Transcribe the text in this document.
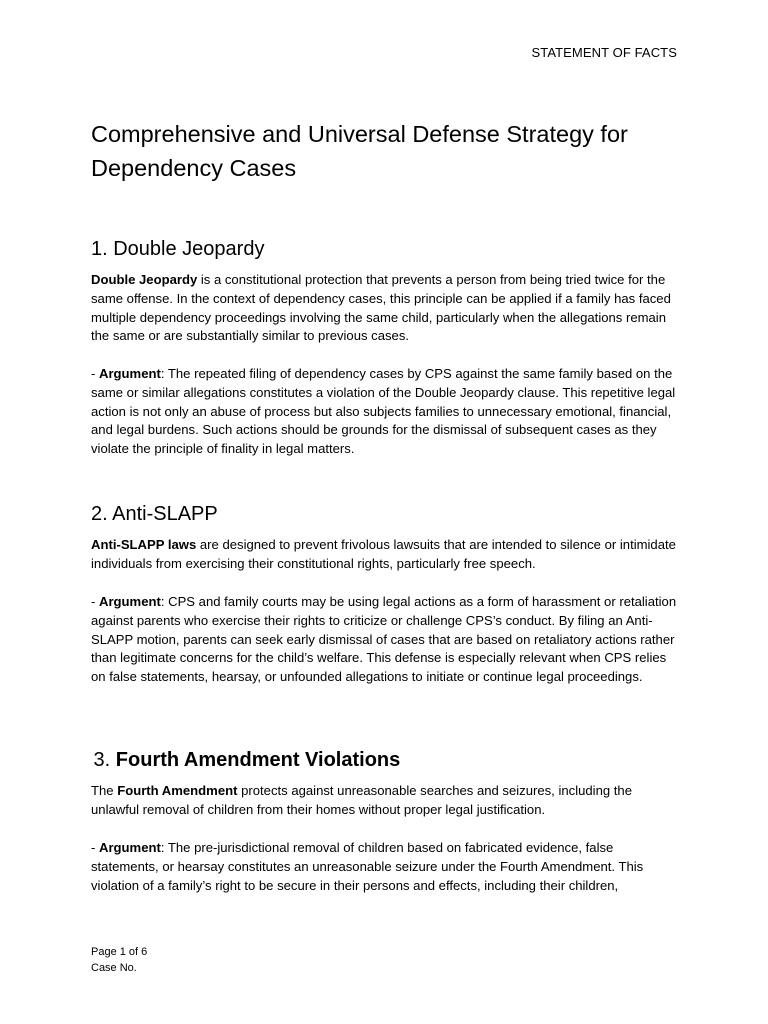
STATEMENT OF FACTS
Comprehensive and Universal Defense Strategy for Dependency Cases
1. Double Jeopardy

Double Jeopardy is a constitutional protection that prevents a person from being tried twice for the same offense. In the context of dependency cases, this principle can be applied if a family has faced multiple dependency proceedings involving the same child, particularly when the allegations remain the same or are substantially similar to previous cases.

- Argument: The repeated filing of dependency cases by CPS against the same family based on the same or similar allegations constitutes a violation of the Double Jeopardy clause. This repetitive legal action is not only an abuse of process but also subjects families to unnecessary emotional, financial, and legal burdens. Such actions should be grounds for the dismissal of subsequent cases as they violate the principle of finality in legal matters.

2. Anti-SLAPP

Anti-SLAPP laws are designed to prevent frivolous lawsuits that are intended to silence or intimidate individuals from exercising their constitutional rights, particularly free speech.

- Argument: CPS and family courts may be using legal actions as a form of harassment or retaliation against parents who exercise their rights to criticize or challenge CPS’s conduct. By filing an Anti-SLAPP motion, parents can seek early dismissal of cases that are based on retaliatory actions rather than legitimate concerns for the child’s welfare. This defense is especially relevant when CPS relies on false statements, hearsay, or unfounded allegations to initiate or continue legal proceedings.

3. Fourth Amendment Violations

The Fourth Amendment protects against unreasonable searches and seizures, including the unlawful removal of children from their homes without proper legal justification.

- Argument: The pre-jurisdictional removal of children based on fabricated evidence, false statements, or hearsay constitutes an unreasonable seizure under the Fourth Amendment. This violation of a family’s right to be secure in their persons and effects, including their children,

Page 1 of 6
Case No.
